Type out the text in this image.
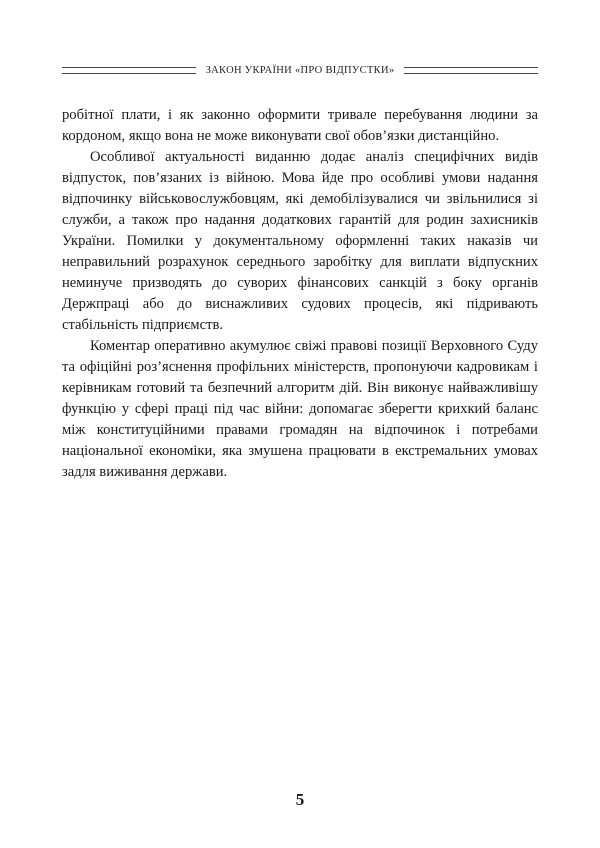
ЗАКОН УКРАЇНИ «ПРО ВІДПУСТКИ»

робітної плати, і як законно оформити тривале перебування людини за кордоном, якщо вона не може виконувати свої обов’язки дистанційно.

Особливої актуальності виданню додає аналіз специфічних видів відпусток, пов’язаних із війною. Мова йде про особливі умови надання відпочинку військовослужбовцям, які демобілізувалися чи звільнилися зі служби, а також про надання додаткових гарантій для родин захисників України. Помилки у документальному оформленні таких наказів чи неправильний розрахунок середнього заробітку для виплати відпускних неминуче призводять до суворих фінансових санкцій з боку органів Держпраці або до виснажливих судових процесів, які підривають стабільність підприємств.

Коментар оперативно акумулює свіжі правові позиції Верховного Суду та офіційні роз’яснення профільних міністерств, пропонуючи кадровикам і керівникам готовий та безпечний алгоритм дій. Він виконує найважливішу функцію у сфері праці під час війни: допомагає зберегти крихкий баланс між конституційними правами громадян на відпочинок і потребами національної економіки, яка змушена працювати в екстремальних умовах задля виживання держави.

5
